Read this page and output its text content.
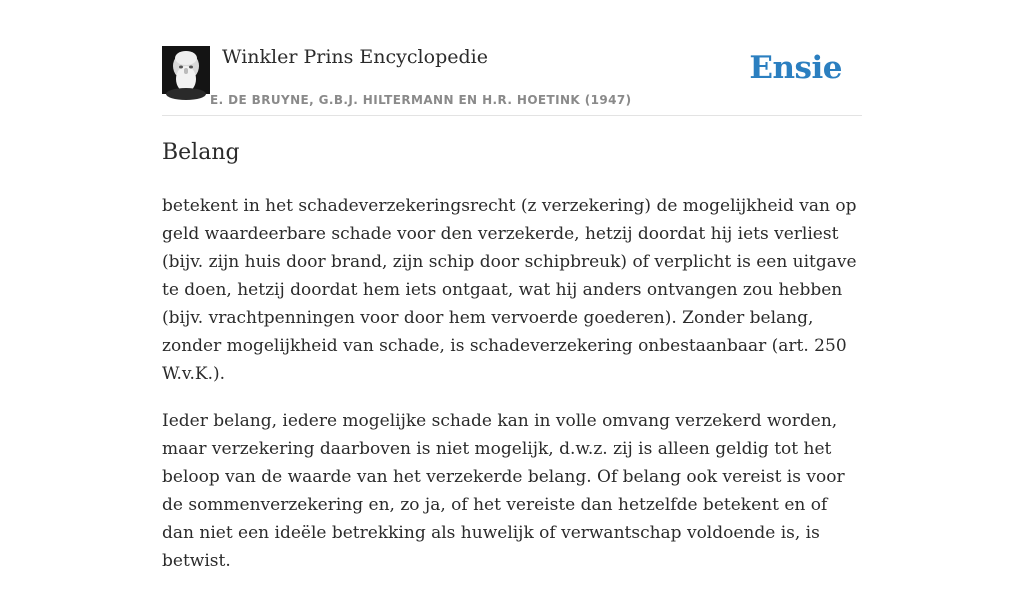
Winkler Prins Encyclopedie
E. DE BRUYNE, G.B.J. HILTERMANN EN H.R. HOETINK (1947)
Ensie
Belang

betekent in het schadeverzekeringsrecht (z verzekering) de mogelijkheid van op geld waardeerbare schade voor den verzekerde, hetzij doordat hij iets verliest (bijv. zijn huis door brand, zijn schip door schipbreuk) of verplicht is een uitgave te doen, hetzij doordat hem iets ontgaat, wat hij anders ontvangen zou hebben (bijv. vrachtpenningen voor door hem vervoerde goederen). Zonder belang, zonder mogelijkheid van schade, is schadeverzekering onbestaanbaar (art. 250 W.v.K.).

Ieder belang, iedere mogelijke schade kan in volle omvang verzekerd worden, maar verzekering daarboven is niet mogelijk, d.w.z. zij is alleen geldig tot het beloop van de waarde van het verzekerde belang. Of belang ook vereist is voor de sommenverzekering en, zo ja, of het vereiste dan hetzelfde betekent en of dan niet een ideële betrekking als huwelijk of verwantschap voldoende is, is betwist.
